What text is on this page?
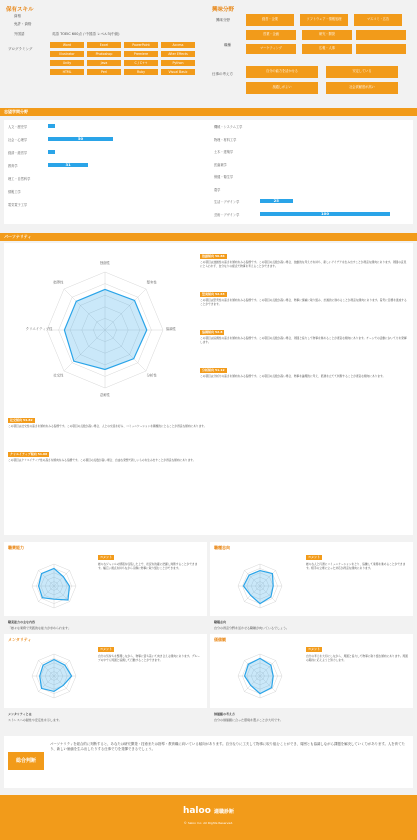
保有スキル
資格
免許・資格
外国語	英語 TOEIC 600点 / 中国語 レベル3(中級)
プログラミング
Word	Excel	PowerPoint	Access
Illustrator	Photoshop	Premiere	After Effects
Unity	Java	C / C++	Python
HTML	Perl	Ruby	Visual Basic
興味分野
興味分野
職種
仕事の考え方
経営・企業	ソフトウェア・情報処理	マスコミ・広告
営業・企画	研究・開発
マーケティング	広報・人事
自分の能力を活かせる	安定している
風通しがよい	社会貢献度が高い
志望学問分野
人文・歴史学
社会・心理学	50
経済・経営学
教育学	31
理工・自然科学
情報工学
電気電子工学
機械・システム工学
物理・材料工学
土木・建築学
医歯薬学
保健・衛生学
農学
生活・デザイン学	25
芸術・デザイン学	100
パーソナリティ
独創性
堅実性
協調性
分析性
忍耐性
社交性
クリエイティブ性
指導性
独創傾向 50.86
この項目は独創性の高さを傾向をみる指標です。この項目の点数が高い場合、独創的な考え方を持ち、新しいアイデアを生み出すことが得意な傾向にあります。周囲の意見にとらわれず、自分なりの視点で物事を考えることができます。
堅実傾向 52.63
この項目は堅実性の高さを傾向をみる指標です。この項目の点数が高い場合、物事に慎重に取り組み、計画的に進めることが得意な傾向にあります。着実に目標を達成することができます。
協調傾向 52.8
この項目は協調性の高さを傾向をみる指標です。この項目の点数が高い場合、周囲と協力して物事を進めることが得意な傾向にあります。チームでの活動において力を発揮します。
分析傾向 51.12
この項目は分析力の高さを傾向をみる指標です。この項目の点数が高い場合、物事を論理的に考え、筋道を立てて判断することが得意な傾向にあります。
社交傾向 54.82
この項目は社交性の高さを傾向をみる指標です。この項目の点数が高い場合、人との交流を好み、コミュニケーションを積極的にとることが得意な傾向にあります。
クリエイティブ傾向 51.66
この項目はクリエイティブ性の高さを傾向をみる指標です。この項目の点数が高い場合、自由な発想で新しいものを生み出すことが得意な傾向にあります。
職業能力	職種志向
コメント	コメント
様々なジャンルの情報を収集した上で、状況を的確に把握し判断することができます。幅広い視点を持ちながら冷静に物事に取り組むことができます。
様々な人と円滑にコミュニケーションをとり、協働して業務を進めることができます。相手の立場に立った対応が得意な傾向にあります。
職業能力の主な内容
「様々な業務で実践的な能力が求められます」
職種志向
自分の得意分野を活かせる職種が向いているでしょう。
メンタリティ	価値観
コメント	コメント
自分の気持ちを整理しながら、物事に落ち着いて向き合える傾向にあります。グループの中でも周囲と協調して行動することができます。
自分の考えを大切にしながら、周囲と協力して物事に取り組む傾向にあります。周囲の期待に応えようと努力します。
メンタリティとは
ストレスへの耐性や安定性を示します。
価値観の考え方
自分の価値観に合った環境を選ぶことが大切です。
総合判断
パーソナリティを総合的に判断すると、あなたは研究開発・技術または指導・教育職に向いている傾向があります。自分なりに工夫して物事に取り組むことができ、周囲とも協調しながら課題を解決していく力があります。人を育てたり、新しい価値を生み出したりする仕事で力を発揮できるでしょう。
haloo 適職診断
© haloo Inc. All Rights Reserved.
